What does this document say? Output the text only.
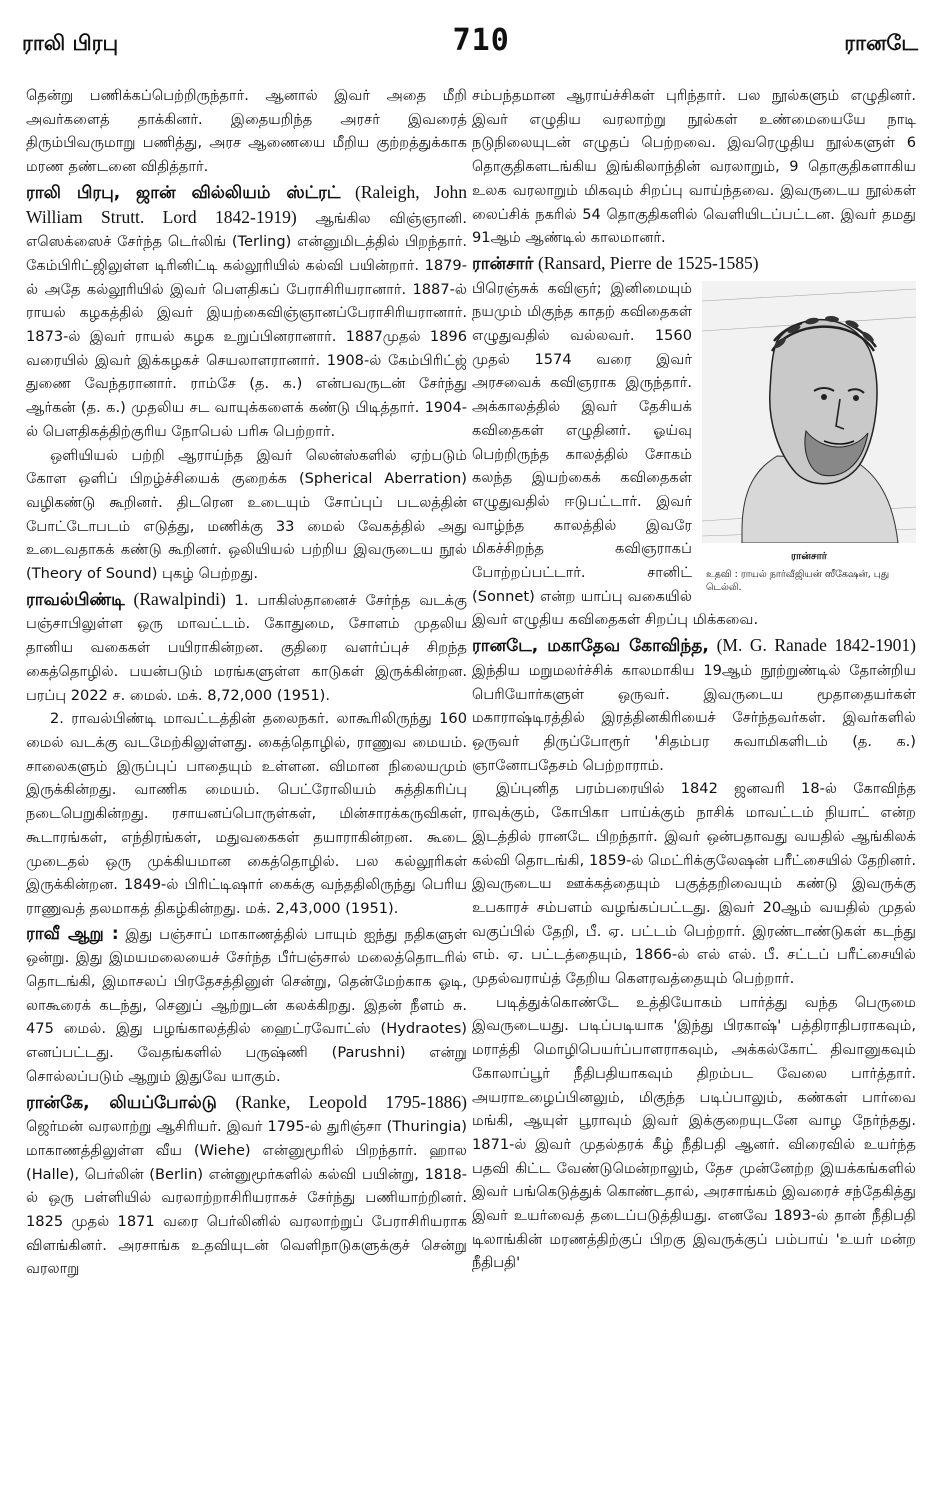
ராலி பிரபு	710	ரானடே

தென்று பணிக்கப்பெற்றிருந்தார். ஆனால் இவர் அதை மீறி அவர்களைத் தாக்கினர். இதையறிந்த அரசர் இவரைத் திரும்பிவருமாறு பணித்து, அரச ஆணையை மீறிய குற்றத்துக்காக மரண தண்டனை விதித்தார்.

ராலி பிரபு, ஜான் வில்லியம் ஸ்ட்ரட் (Raleigh, John William Strutt. Lord 1842-1919) ஆங்கில விஞ்ஞானி. எஸெக்ஸைச் சேர்ந்த டெர்லிங் (Terling) என்னுமிடத்தில் பிறந்தார். கேம்பிரிட்ஜிலுள்ள டிரினிட்டி கல்லூரியில் கல்வி பயின்றார். 1879-ல் அதே கல்லூரியில் இவர் பௌதிகப் பேராசிரியரானார். 1887-ல் ராயல் கழகத்தில் இவர் இயற்கைவிஞ்ஞானப்பேராசிரியரானார். 1873-ல் இவர் ராயல் கழக உறுப்பினரானார். 1887முதல் 1896 வரையில் இவர் இக்கழகச் செயலாளரானார். 1908-ல் கேம்பிரிட்ஜ் துணை வேந்தரானார். ராம்சே (த. க.) என்பவருடன் சேர்ந்து ஆர்கன் (த. க.) முதலிய சட வாயுக்களைக் கண்டு பிடித்தார். 1904-ல் பௌதிகத்திற்குரிய நோபெல் பரிசு பெற்றார்.

ஒளியியல் பற்றி ஆராய்ந்த இவர் லென்ஸ்களில் ஏற்படும் கோள ஒளிப் பிறழ்ச்சியைக் குறைக்க (Spherical Aberration) வழிகண்டு கூறினர். திடரென உடையும் சோப்புப் படலத்தின் போட்டோபடம் எடுத்து, மணிக்கு 33 மைல் வேகத்தில் அது உடைவதாகக் கண்டு கூறினர். ஒலியியல் பற்றிய இவருடைய நூல் (Theory of Sound) புகழ் பெற்றது.

ராவல்பிண்டி (Rawalpindi) 1. பாகிஸ்தானைச் சேர்ந்த வடக்கு பஞ்சாபிலுள்ள ஒரு மாவட்டம். கோதுமை, சோளம் முதலிய தானிய வகைகள் பயிராகின்றன. குதிரை வளர்ப்புச் சிறந்த கைத்தொழில். பயன்படும் மரங்களுள்ள காடுகள் இருக்கின்றன. பரப்பு 2022 ச. மைல். மக். 8,72,000 (1951).

2. ராவல்பிண்டி மாவட்டத்தின் தலைநகர். லாகூரிலிருந்து 160 மைல் வடக்கு வடமேற்கிலுள்ளது. கைத்தொழில், ராணுவ மையம். சாலைகளும் இருப்புப் பாதையும் உள்ளன. விமான நிலையமும் இருக்கின்றது. வாணிக மையம். பெட்ரோலியம் சுத்திகரிப்பு நடைபெறுகின்றது. ரசாயனப்பொருள்கள், மின்சாரக்கருவிகள், கூடாரங்கள், எந்திரங்கள், மதுவகைகள் தயாராகின்றன. கூடை முடைதல் ஒரு முக்கியமான கைத்தொழில். பல கல்லூரிகள் இருக்கின்றன. 1849-ல் பிரிட்டிஷார் கைக்கு வந்ததிலிருந்து பெரிய ராணுவத் தலமாகத் திகழ்கின்றது. மக். 2,43,000 (1951).

ராவீ ஆறு : இது பஞ்சாப் மாகாணத்தில் பாயும் ஐந்து நதிகளுள் ஒன்று. இது இமயமலையைச் சேர்ந்த பீர்பஞ்சால் மலைத்தொடரில் தொடங்கி, இமாசலப் பிரதேசத்தினுள் சென்று, தென்மேற்காக ஓடி, லாகூரைக் கடந்து, செனுப் ஆற்றுடன் கலக்கிறது. இதன் நீளம் சு. 475 மைல். இது பழங்காலத்தில் ஹைட்ரவோட்ஸ் (Hydraotes) எனப்பட்டது. வேதங்களில் பருஷ்ணி (Parushni) என்று சொல்லப்படும் ஆறும் இதுவே யாகும்.

ரான்கே, லியப்போல்டு (Ranke, Leopold 1795-1886) ஜெர்மன் வரலாற்று ஆசிரியர். இவர் 1795-ல் துரிஞ்சா (Thuringia) மாகாணத்திலுள்ள வீய (Wiehe) என்னுமூரில் பிறந்தார். ஹால (Halle), பெர்லின் (Berlin) என்னுமூர்களில் கல்வி பயின்று, 1818-ல் ஒரு பள்ளியில் வரலாற்றாசிரியராகச் சேர்ந்து பணியாற்றினர். 1825 முதல் 1871 வரை பெர்லினில் வரலாற்றுப் பேராசிரியராக விளங்கினர். அரசாங்க உதவியுடன் வெளிநாடுகளுக்குச் சென்று வரலாறு

சம்பந்தமான ஆராய்ச்சிகள் புரிந்தார். பல நூல்களும் எழுதினர். இவர் எழுதிய வரலாற்று நூல்கள் உண்மையையே நாடி நடுநிலையுடன் எழுதப் பெற்றவை. இவரெழுதிய நூல்களுள் 6 தொகுதிகளடங்கிய இங்கிலாந்தின் வரலாறும், 9 தொகுதிகளாகிய உலக வரலாறும் மிகவும் சிறப்பு வாய்ந்தவை. இவருடைய நூல்கள் லைப்சிக் நகரில் 54 தொகுதிகளில் வெளியிடப்பட்டன. இவர் தமது 91ஆம் ஆண்டில் காலமானர்.

ரான்சார் (Ransard, Pierre de 1525-1585)

ரான்சார்
உதவி : ராயல் நார்வீஜியன் ஸீகேஷன், புது டெல்லி.

பிரெஞ்சுக் கவிஞர்; இனிமையும் நயமும் மிகுந்த காதற் கவிதைகள் எழுதுவதில் வல்லவர். 1560 முதல் 1574 வரை இவர் அரசவைக் கவிஞராக இருந்தார். அக்காலத்தில் இவர் தேசியக் கவிதைகள் எழுதினர். ஓய்வு பெற்றிருந்த காலத்தில் சோகம் கலந்த இயற்கைக் கவிதைகள் எழுதுவதில் ஈடுபட்டார். இவர் வாழ்ந்த காலத்தில் இவரே மிகச்சிறந்த கவிஞராகப் போற்றப்பட்டார். சானிட் (Sonnet) என்ற யாப்பு வகையில் இவர் எழுதிய கவிதைகள் சிறப்பு மிக்கவை.

ரானடே, மகாதேவ கோவிந்த, (M. G. Ranade 1842-1901) இந்திய மறுமலர்ச்சிக் காலமாகிய 19ஆம் நூற்றுண்டில் தோன்றிய பெரியோர்களுள் ஒருவர். இவருடைய மூதாதையர்கள் மகாராஷ்டிரத்தில் இரத்தினகிரியைச் சேர்ந்தவர்கள். இவர்களில் ஒருவர் திருப்போரூர் 'சிதம்பர சுவாமிகளிடம் (த. க.) ஞானோபதேசம் பெற்றாராம்.

இப்புனித பரம்பரையில் 1842 ஜனவரி 18-ல் கோவிந்த ராவுக்கும், கோபிகா பாய்க்கும் நாசிக் மாவட்டம் நியாட் என்ற இடத்தில் ரானடே பிறந்தார். இவர் ஒன்பதாவது வயதில் ஆங்கிலக் கல்வி தொடங்கி, 1859-ல் மெட்ரிக்குலேஷன் பரீட்சையில் தேறினர். இவருடைய ஊக்கத்தையும் பகுத்தறிவையும் கண்டு இவருக்கு உபகாரச் சம்பளம் வழங்கப்பட்டது. இவர் 20ஆம் வயதில் முதல் வகுப்பில் தேறி, பீ. ஏ. பட்டம் பெற்றார். இரண்டாண்டுகள் கடந்து எம். ஏ. பட்டத்தையும், 1866-ல் எல் எல். பீ. சட்டப் பரீட்சையில் முதல்வராய்த் தேறிய கௌரவத்தையும் பெற்றார்.

படித்துக்கொண்டே உத்தியோகம் பார்த்து வந்த பெருமை இவருடையது. படிப்படியாக 'இந்து பிரகாஷ்' பத்திராதிபராகவும், மராத்தி மொழிபெயர்ப்பாளராகவும், அக்கல்கோட் திவானுகவும் கோலாப்பூர் நீதிபதியாகவும் திறம்பட வேலை பார்த்தார். அயராஉழைப்பினலும், மிகுந்த படிப்பாலும், கண்கள் பார்வை மங்கி, ஆயுள் பூராவும் இவர் இக்குறையுடனே வாழ நேர்ந்தது. 1871-ல் இவர் முதல்தரக் கீழ் நீதிபதி ஆனர். விரைவில் உயர்ந்த பதவி கிட்ட வேண்டுமென்றாலும், தேச முன்னேற்ற இயக்கங்களில் இவர் பங்கெடுத்துக் கொண்டதால், அரசாங்கம் இவரைச் சந்தேகித்து இவர் உயர்வைத் தடைப்படுத்தியது. எனவே 1893-ல் தான் நீதிபதி டிலாங்கின் மரணத்திற்குப் பிறகு இவருக்குப் பம்பாய் 'உயர் மன்ற நீதிபதி'
